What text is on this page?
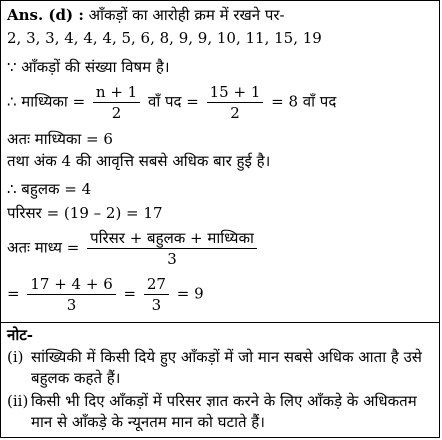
Ans. (d) : आँकड़ों का आरोही क्रम में रखने पर-
2, 3, 3, 4, 4, 4, 5, 6, 8, 9, 9, 10, 11, 15, 19
∵ आँकड़ों की संख्या विषम है।
∴ माध्यिका = $\frac{n + 1}{2}$ वाँ पद = $\frac{15 + 1}{2} = 8$ वाँ पद
अतः माध्यिका = 6
तथा अंक 4 की आवृत्ति सबसे अधिक बार हुई है।
∴ बहुलक = 4
परिसर = (19 – 2) = 17
अतः माध्य = $\frac{\text{परिसर + बहुलक + माध्यिका}}{3}$
= $\frac{17 + 4 + 6}{3} = \frac{27}{3} = 9$
नोट-
(i) सांख्यिकी में किसी दिये हुए आँकड़ों में जो मान सबसे अधिक आता है उसे बहुलक कहते हैं।
(ii) किसी भी दिए आँकड़ों में परिसर ज्ञात करने के लिए आँकड़े के अधिकतम मान से आँकड़े के न्यूनतम मान को घटाते हैं।
